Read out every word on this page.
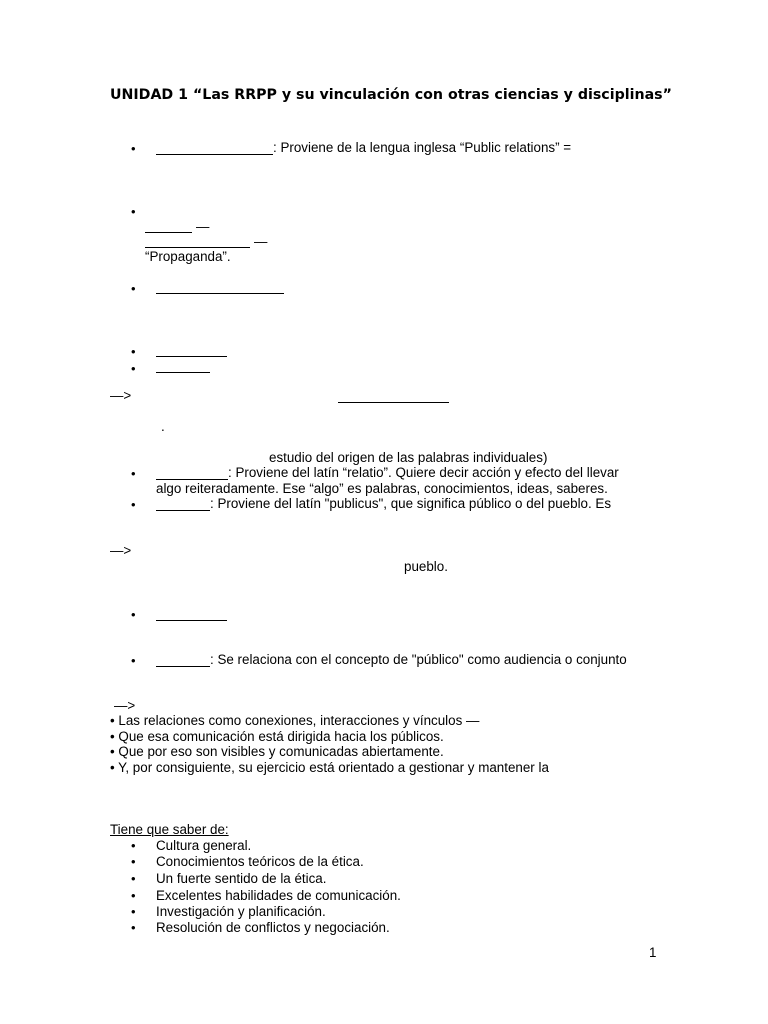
UNIDAD 1 “Las RRPP y su vinculación con otras ciencias y disciplinas”
•	: Proviene de la lengua inglesa “Public relations” =
•
—
—
“Propaganda”.
•
•
•
—>
.
estudio del origen de las palabras individuales)
•	: Proviene del latín “relatio”. Quiere decir acción y efecto del llevar
algo reiteradamente. Ese “algo” es palabras, conocimientos, ideas, saberes.
•	: Proviene del latín "publicus", que significa público o del pueblo. Es
—>
pueblo.
•
•	: Se relaciona con el concepto de "público" como audiencia o conjunto
—>
• Las relaciones como conexiones, interacciones y vínculos —
• Que esa comunicación está dirigida hacia los públicos.
• Que por eso son visibles y comunicadas abiertamente.
• Y, por consiguiente, su ejercicio está orientado a gestionar y mantener la
Tiene que saber de:
• Cultura general.
• Conocimientos teóricos de la ética.
• Un fuerte sentido de la ética.
• Excelentes habilidades de comunicación.
• Investigación y planificación.
• Resolución de conflictos y negociación.
1
